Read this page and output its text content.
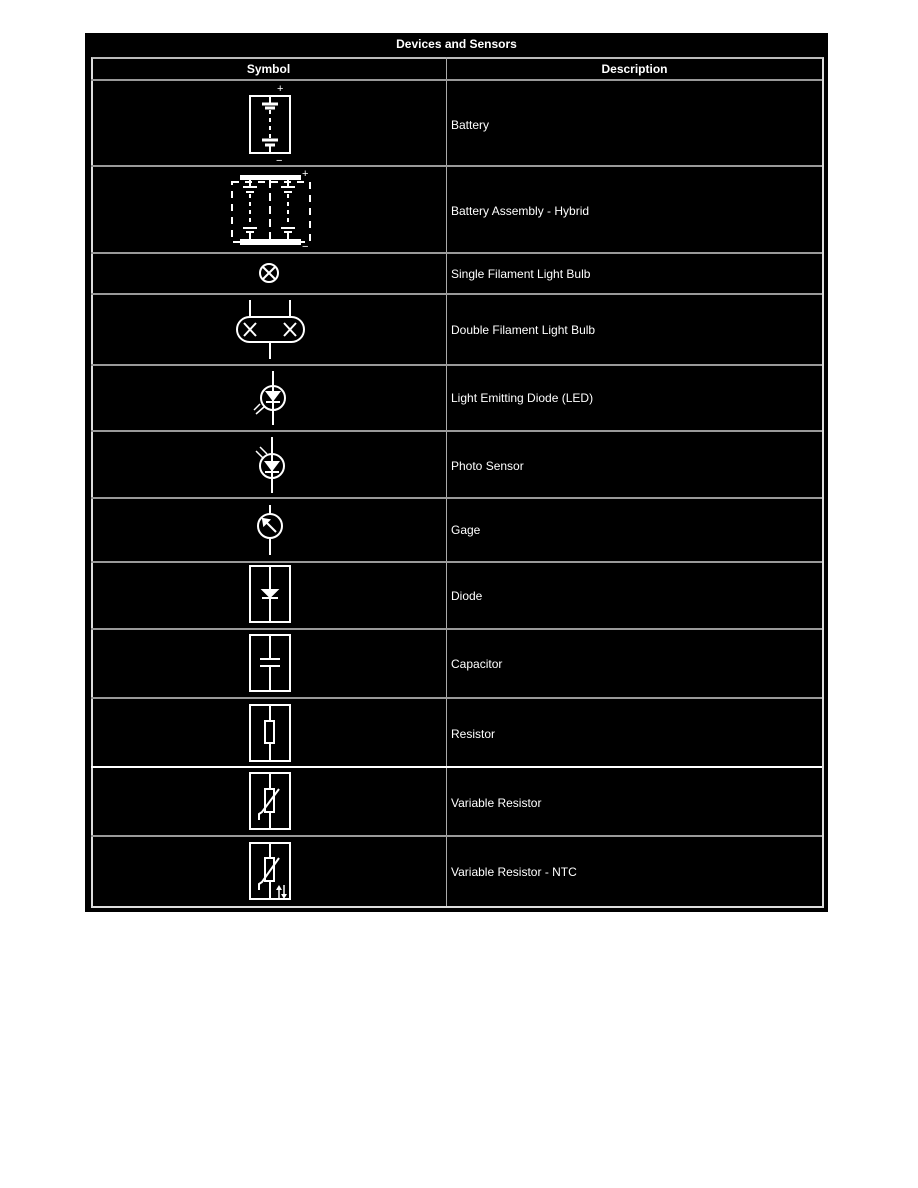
Devices and Sensors
Symbol	Description
Battery
Battery Assembly - Hybrid
Single Filament Light Bulb
Double Filament Light Bulb
Light Emitting Diode (LED)
Photo Sensor
Gage
Diode
Capacitor
Resistor
Variable Resistor
Variable Resistor - NTC
+
−
+
−
